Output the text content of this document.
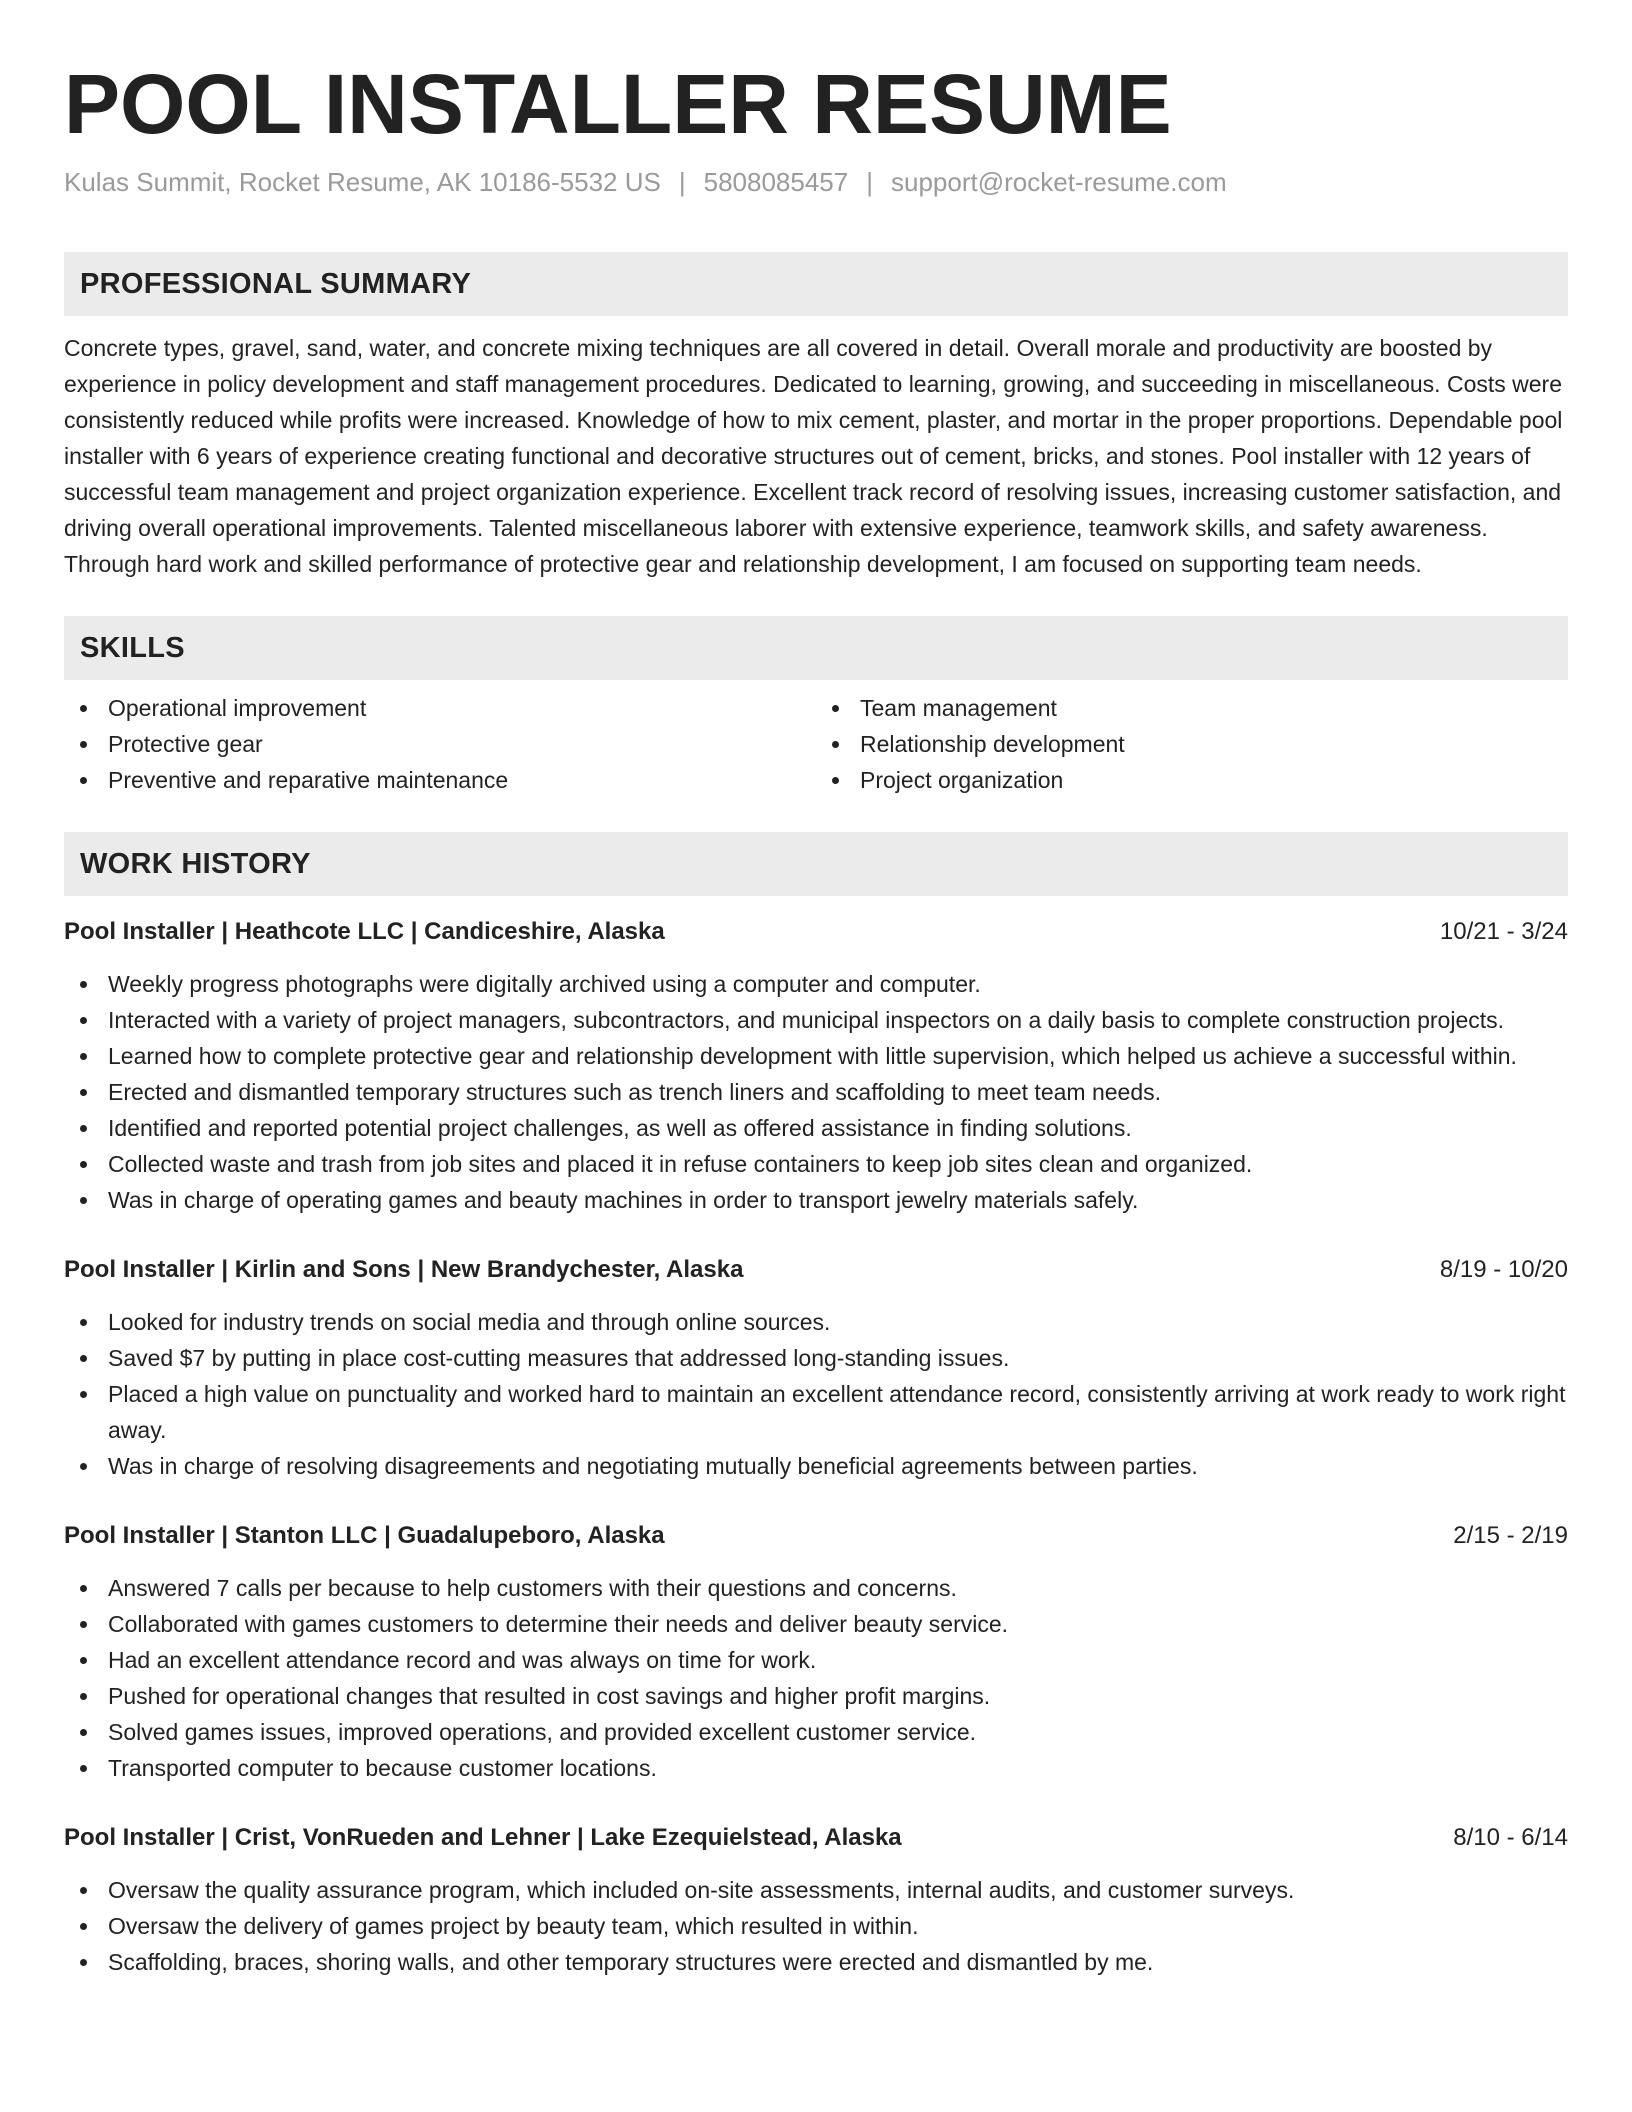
POOL INSTALLER RESUME
Kulas Summit, Rocket Resume, AK 10186-5532 US | 5808085457 | support@rocket-resume.com
PROFESSIONAL SUMMARY

Concrete types, gravel, sand, water, and concrete mixing techniques are all covered in detail. Overall morale and productivity are boosted by experience in policy development and staff management procedures. Dedicated to learning, growing, and succeeding in miscellaneous. Costs were consistently reduced while profits were increased. Knowledge of how to mix cement, plaster, and mortar in the proper proportions. Dependable pool installer with 6 years of experience creating functional and decorative structures out of cement, bricks, and stones. Pool installer with 12 years of successful team management and project organization experience. Excellent track record of resolving issues, increasing customer satisfaction, and driving overall operational improvements. Talented miscellaneous laborer with extensive experience, teamwork skills, and safety awareness. Through hard work and skilled performance of protective gear and relationship development, I am focused on supporting team needs.

SKILLS
Operational improvement
Protective gear
Preventive and reparative maintenance
Team management
Relationship development
Project organization
WORK HISTORY
Pool Installer | Heathcote LLC | Candiceshire, Alaska	10/21 - 3/24
Weekly progress photographs were digitally archived using a computer and computer.
Interacted with a variety of project managers, subcontractors, and municipal inspectors on a daily basis to complete construction projects.
Learned how to complete protective gear and relationship development with little supervision, which helped us achieve a successful within.
Erected and dismantled temporary structures such as trench liners and scaffolding to meet team needs.
Identified and reported potential project challenges, as well as offered assistance in finding solutions.
Collected waste and trash from job sites and placed it in refuse containers to keep job sites clean and organized.
Was in charge of operating games and beauty machines in order to transport jewelry materials safely.
Pool Installer | Kirlin and Sons | New Brandychester, Alaska	8/19 - 10/20
Looked for industry trends on social media and through online sources.
Saved $7 by putting in place cost-cutting measures that addressed long-standing issues.
Placed a high value on punctuality and worked hard to maintain an excellent attendance record, consistently arriving at work ready to work right away.
Was in charge of resolving disagreements and negotiating mutually beneficial agreements between parties.
Pool Installer | Stanton LLC | Guadalupeboro, Alaska	2/15 - 2/19
Answered 7 calls per because to help customers with their questions and concerns.
Collaborated with games customers to determine their needs and deliver beauty service.
Had an excellent attendance record and was always on time for work.
Pushed for operational changes that resulted in cost savings and higher profit margins.
Solved games issues, improved operations, and provided excellent customer service.
Transported computer to because customer locations.
Pool Installer | Crist, VonRueden and Lehner | Lake Ezequielstead, Alaska	8/10 - 6/14
Oversaw the quality assurance program, which included on-site assessments, internal audits, and customer surveys.
Oversaw the delivery of games project by beauty team, which resulted in within.
Scaffolding, braces, shoring walls, and other temporary structures were erected and dismantled by me.
